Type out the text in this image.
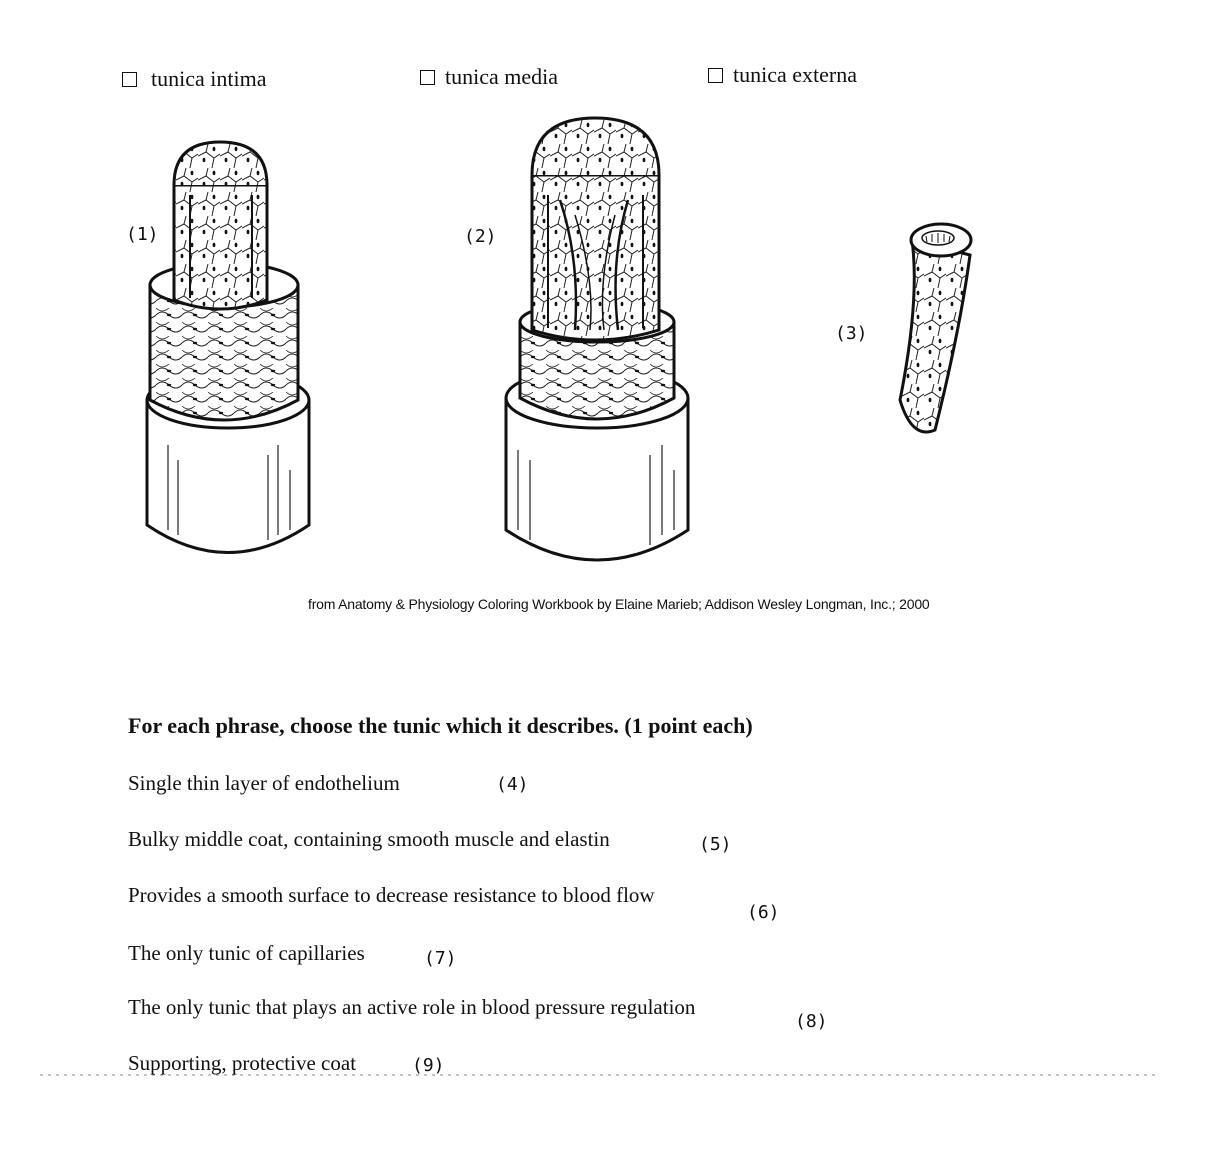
tunica intima	tunica media	tunica externa
(1)	(2)
(3)
from Anatomy & Physiology Coloring Workbook by Elaine Marieb; Addison Wesley Longman, Inc.; 2000
For each phrase, choose the tunic which it describes. (1 point each)
Single thin layer of endothelium	(4)
Bulky middle coat, containing smooth muscle and elastin	(5)
Provides a smooth surface to decrease resistance to blood flow
(6)
The only tunic of capillaries	(7)
The only tunic that plays an active role in blood pressure regulation
(8)
Supporting, protective coat	(9)
